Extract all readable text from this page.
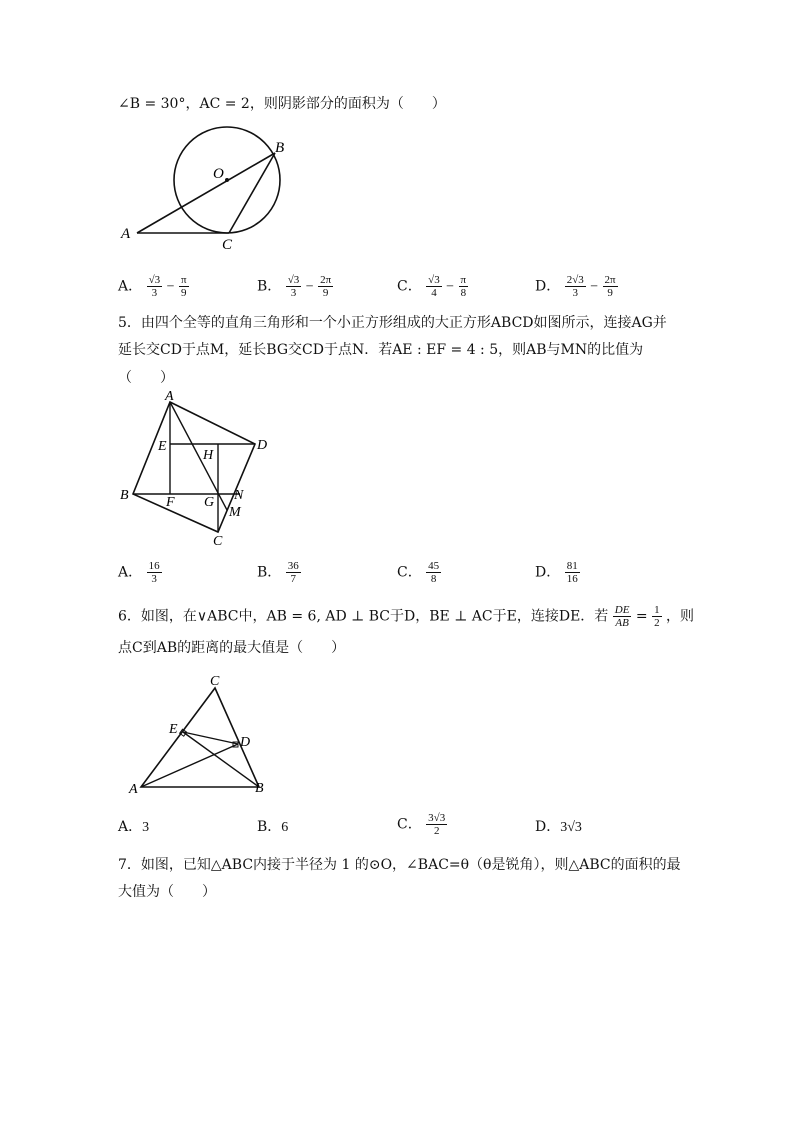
∠B = 30°，AC = 2，则阴影部分的面积为（　　）
O
A
B
C
A． $\frac{√3}{3} - \frac{\pi}{9}$	B． $\frac{√3}{3} - \frac{2\pi}{9}$	C． $\frac{√3}{4} - \frac{\pi}{8}$	D． $\frac{2√3}{3} - \frac{2\pi}{9}$
5．由四个全等的直角三角形和一个小正方形组成的大正方形ABCD如图所示，连接AG并
延长交CD于点M，延长BG交CD于点N．若AE : EF = 4 : 5，则AB与MN的比值为
（　　）
A
D
B
C
E
H
F G N
M
A． $\frac{16}{3}$	B． $\frac{36}{7}$	C． $\frac{45}{8}$	D． $\frac{81}{16}$
6．如图，在∨ABC中，AB = 6, AD ⊥ BC于D，BE ⊥ AC于E，连接DE．若 $\frac{DE}{AB} = \frac{1}{2}$ ，则
点C到AB的距离的最大值是（　　）
C
E
D
A	B
A．3	B．6	C． $\frac{3√3}{2}$	D．3√3
7．如图，已知△ABC内接于半径为 1 的⊙O，∠BAC=θ（θ是锐角），则△ABC的面积的最
大值为（　　）
